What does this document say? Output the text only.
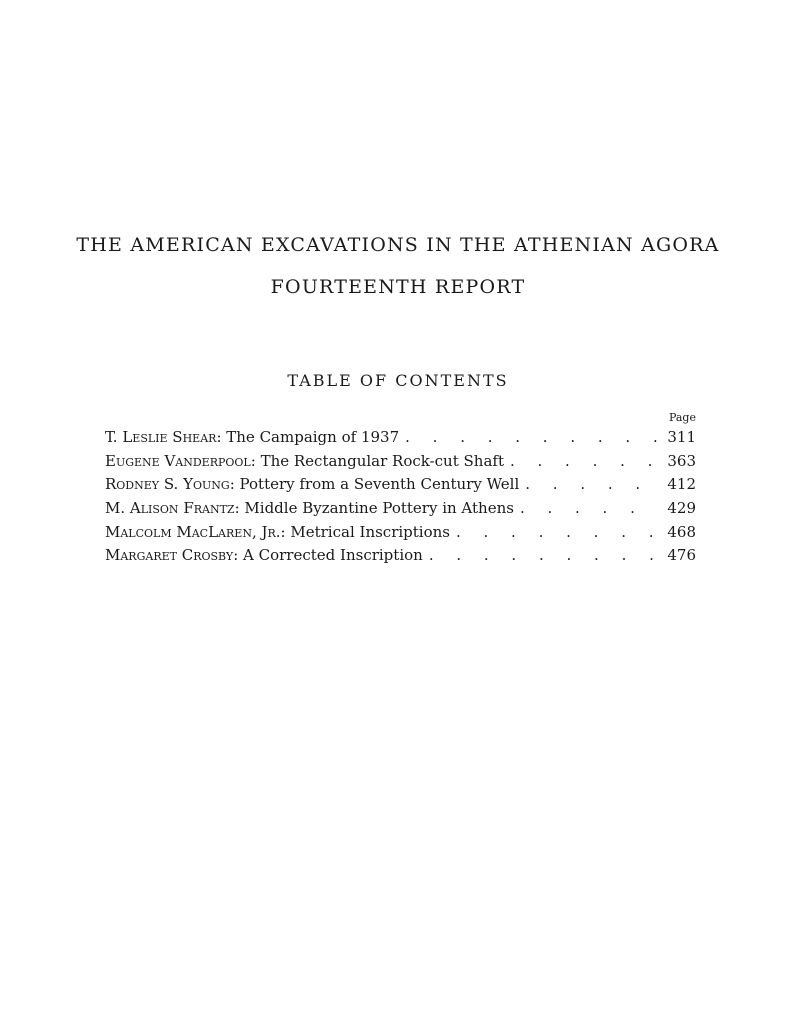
THE AMERICAN EXCAVATIONS IN THE ATHENIAN AGORA
FOURTEENTH REPORT
TABLE OF CONTENTS
Page
T. Leslie Shear: The Campaign of 1937 . . .	311
Eugene Vanderpool: The Rectangular Rock-cut Shaft . . .	363
Rodney S. Young: Pottery from a Seventh Century Well . . .	412
M. Alison Frantz: Middle Byzantine Pottery in Athens . . .	429
Malcolm MacLaren, Jr.: Metrical Inscriptions . . .	468
Margaret Crosby: A Corrected Inscription . . .	476
